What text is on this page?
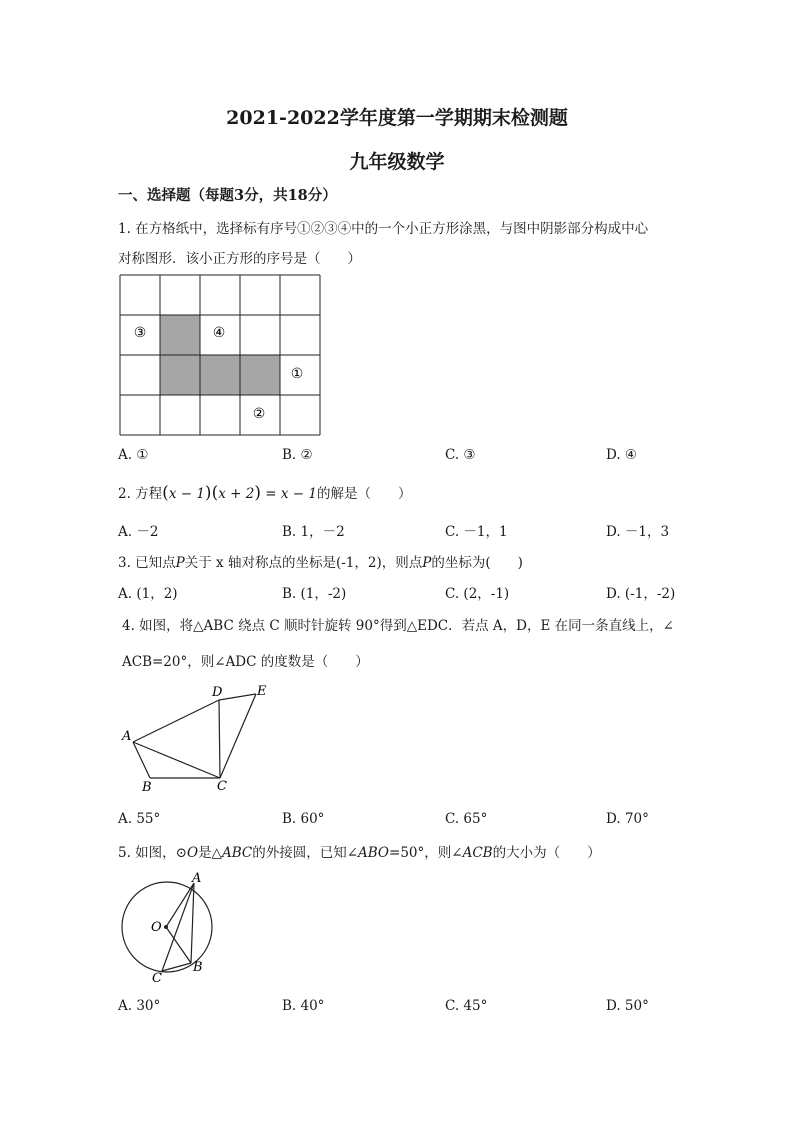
2021-2022学年度第一学期期末检测题
九年级数学
一、选择题（每题3分，共18分）
1. 在方格纸中，选择标有序号①②③④中的一个小正方形涂黑，与图中阴影部分构成中心
对称图形．该小正方形的序号是（　　）
③	④
①
②
A. ①	B. ②	C. ③	D. ④
2. 方程(x − 1)(x + 2) = x − 1的解是（　　）
A. －2	B. 1，－2	C. －1，1	D. －1，3
3. 已知点P关于 x 轴对称点的坐标是(-1，2)，则点P的坐标为(　　)
A. (1，2)	B. (1，-2)	C. (2，-1)	D. (-1，-2)
4. 如图，将△ABC 绕点 C 顺时针旋转 90°得到△EDC．若点 A，D，E 在同一条直线上，∠
ACB=20°，则∠ADC 的度数是（　　）
A
B	C
D	E
A. 55°	B. 60°	C. 65°	D. 70°
5. 如图，⊙O是△ABC的外接圆，已知∠ABO=50°，则∠ACB的大小为（　　）
A
O
B
C
A. 30°	B. 40°	C. 45°	D. 50°
